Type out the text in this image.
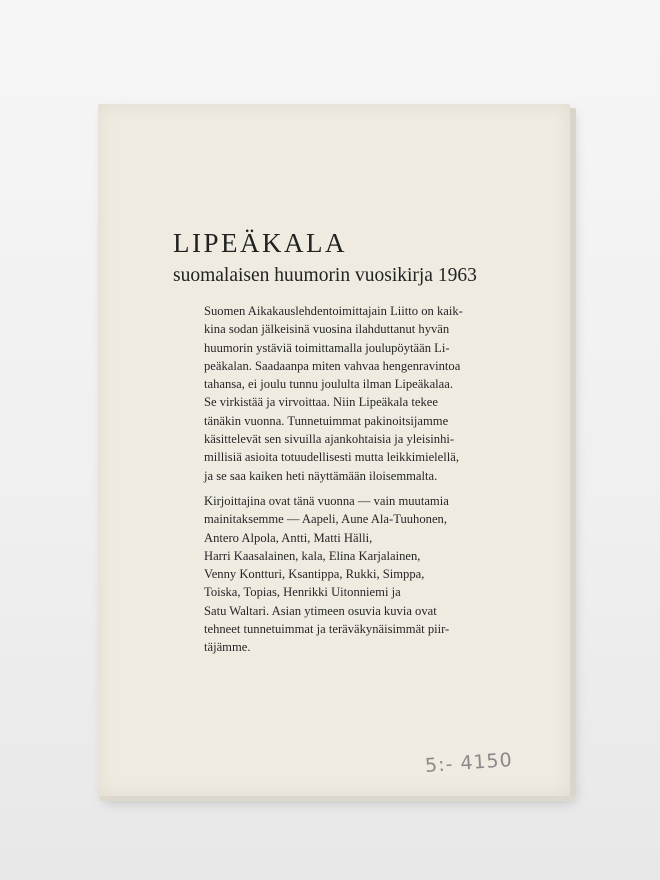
LIPEÄKALA
suomalaisen huumorin vuosikirja 1963
Suomen Aikakauslehdentoimittajain Liitto on kaik-
kina sodan jälkeisinä vuosina ilahduttanut hyvän
huumorin ystäviä toimittamalla joulupöytään Li-
peäkalan. Saadaanpa miten vahvaa hengenravintoa
tahansa, ei joulu tunnu joululta ilman Lipeäkalaa.
Se virkistää ja virvoittaa. Niin Lipeäkala tekee
tänäkin vuonna. Tunnetuimmat pakinoitsijamme
käsittelevät sen sivuilla ajankohtaisia ja yleisinhi-
millisiä asioita totuudellisesti mutta leikkimielellä,
ja se saa kaiken heti näyttämään iloisemmalta.
Kirjoittajina ovat tänä vuonna — vain muutamia
mainitaksemme — Aapeli, Aune Ala-Tuuhonen,
Antero Alpola, Antti, Matti Hälli,
Harri Kaasalainen, kala, Elina Karjalainen,
Venny Kontturi, Ksantippa, Rukki, Simppa,
Toiska, Topias, Henrikki Uitonniemi ja
Satu Waltari. Asian ytimeen osuvia kuvia ovat
tehneet tunnetuimmat ja teräväkynäisimmät piir-
täjämme.
5:- 4150
